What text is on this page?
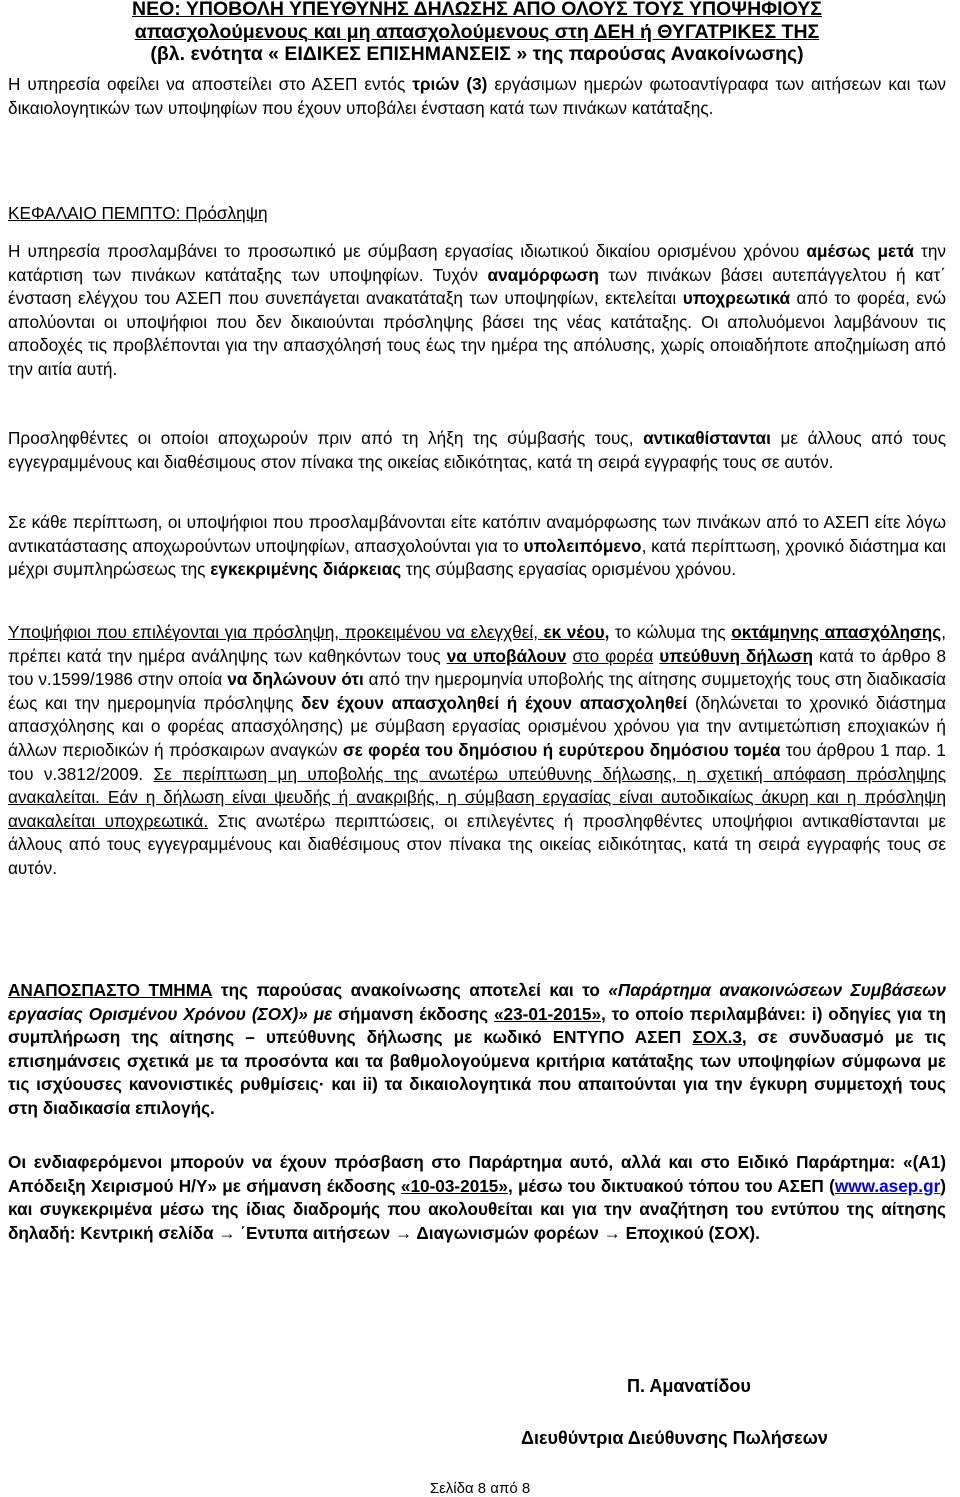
ΝΕΟ: ΥΠΟΒΟΛΗ ΥΠΕΥΘΥΝΗΣ ΔΗΛΩΣΗΣ ΑΠΟ ΟΛΟΥΣ ΤΟΥΣ ΥΠΟΨΗΦΙΟΥΣ
απασχολούμενους και μη απασχολούμενους στη ΔΕΗ ή ΘΥΓΑΤΡΙΚΕΣ ΤΗΣ
(βλ. ενότητα « ΕΙΔΙΚΕΣ ΕΠΙΣΗΜΑΝΣΕΙΣ » της παρούσας Ανακοίνωσης)

Η υπηρεσία οφείλει να αποστείλει στο ΑΣΕΠ εντός τριών (3) εργάσιμων ημερών φωτοαντίγραφα των αιτήσεων και των δικαιολογητικών των υποψηφίων που έχουν υποβάλει ένσταση κατά των πινάκων κατάταξης.

ΚΕΦΑΛΑΙΟ ΠΕΜΠΤΟ: Πρόσληψη

Η υπηρεσία προσλαμβάνει το προσωπικό με σύμβαση εργασίας ιδιωτικού δικαίου ορισμένου χρόνου αμέσως μετά την κατάρτιση των πινάκων κατάταξης των υποψηφίων. Τυχόν αναμόρφωση των πινάκων βάσει αυτεπάγγελτου ή κατ΄ ένσταση ελέγχου του ΑΣΕΠ που συνεπάγεται ανακατάταξη των υποψηφίων, εκτελείται υποχρεωτικά από το φορέα, ενώ απολύονται οι υποψήφιοι που δεν δικαιούνται πρόσληψης βάσει της νέας κατάταξης. Οι απολυόμενοι λαμβάνουν τις αποδοχές τις προβλέπονται για την απασχόλησή τους έως την ημέρα της απόλυσης, χωρίς οποιαδήποτε αποζημίωση από την αιτία αυτή.

Προσληφθέντες οι οποίοι αποχωρούν πριν από τη λήξη της σύμβασής τους, αντικαθίστανται με άλλους από τους εγγεγραμμένους και διαθέσιμους στον πίνακα της οικείας ειδικότητας, κατά τη σειρά εγγραφής τους σε αυτόν.

Σε κάθε περίπτωση, οι υποψήφιοι που προσλαμβάνονται είτε κατόπιν αναμόρφωσης των πινάκων από το ΑΣΕΠ είτε λόγω αντικατάστασης αποχωρούντων υποψηφίων, απασχολούνται για το υπολειπόμενο, κατά περίπτωση, χρονικό διάστημα και μέχρι συμπληρώσεως της εγκεκριμένης διάρκειας της σύμβασης εργασίας ορισμένου χρόνου.

Υποψήφιοι που επιλέγονται για πρόσληψη, προκειμένου να ελεγχθεί, εκ νέου, το κώλυμα της οκτάμηνης απασχόλησης, πρέπει κατά την ημέρα ανάληψης των καθηκόντων τους να υποβάλουν στο φορέα υπεύθυνη δήλωση κατά το άρθρο 8 του ν.1599/1986 στην οποία να δηλώνουν ότι από την ημερομηνία υποβολής της αίτησης συμμετοχής τους στη διαδικασία έως και την ημερομηνία πρόσληψης δεν έχουν απασχοληθεί ή έχουν απασχοληθεί (δηλώνεται το χρονικό διάστημα απασχόλησης και ο φορέας απασχόλησης) με σύμβαση εργασίας ορισμένου χρόνου για την αντιμετώπιση εποχιακών ή άλλων περιοδικών ή πρόσκαιρων αναγκών σε φορέα του δημόσιου ή ευρύτερου δημόσιου τομέα του άρθρου 1 παρ. 1 του ν.3812/2009. Σε περίπτωση μη υποβολής της ανωτέρω υπεύθυνης δήλωσης, η σχετική απόφαση πρόσληψης ανακαλείται. Εάν η δήλωση είναι ψευδής ή ανακριβής, η σύμβαση εργασίας είναι αυτοδικαίως άκυρη και η πρόσληψη ανακαλείται υποχρεωτικά. Στις ανωτέρω περιπτώσεις, οι επιλεγέντες ή προσληφθέντες υποψήφιοι αντικαθίστανται με άλλους από τους εγγεγραμμένους και διαθέσιμους στον πίνακα της οικείας ειδικότητας, κατά τη σειρά εγγραφής τους σε αυτόν.

ΑΝΑΠΟΣΠΑΣΤΟ ΤΜΗΜΑ της παρούσας ανακοίνωσης αποτελεί και το «Παράρτημα ανακοινώσεων Συμβάσεων εργασίας Ορισμένου Χρόνου (ΣΟΧ)» με σήμανση έκδοσης «23-01-2015», το οποίο περιλαμβάνει: i) οδηγίες για τη συμπλήρωση της αίτησης – υπεύθυνης δήλωσης με κωδικό ΕΝΤΥΠΟ ΑΣΕΠ ΣΟΧ.3, σε συνδυασμό με τις επισημάνσεις σχετικά με τα προσόντα και τα βαθμολογούμενα κριτήρια κατάταξης των υποψηφίων σύμφωνα με τις ισχύουσες κανονιστικές ρυθμίσεις· και ii) τα δικαιολογητικά που απαιτούνται για την έγκυρη συμμετοχή τους στη διαδικασία επιλογής.

Οι ενδιαφερόμενοι μπορούν να έχουν πρόσβαση στο Παράρτημα αυτό, αλλά και στο Ειδικό Παράρτημα: «(Α1) Απόδειξη Χειρισμού Η/Υ» με σήμανση έκδοσης «10-03-2015», μέσω του δικτυακού τόπου του ΑΣΕΠ (www.asep.gr) και συγκεκριμένα μέσω της ίδιας διαδρομής που ακολουθείται και για την αναζήτηση του εντύπου της αίτησης δηλαδή: Κεντρική σελίδα → ΄Εντυπα αιτήσεων → Διαγωνισμών φορέων → Εποχικού (ΣΟΧ).

Π. Αμανατίδου
Διευθύντρια Διεύθυνσης Πωλήσεων
Σελίδα 8 από 8
